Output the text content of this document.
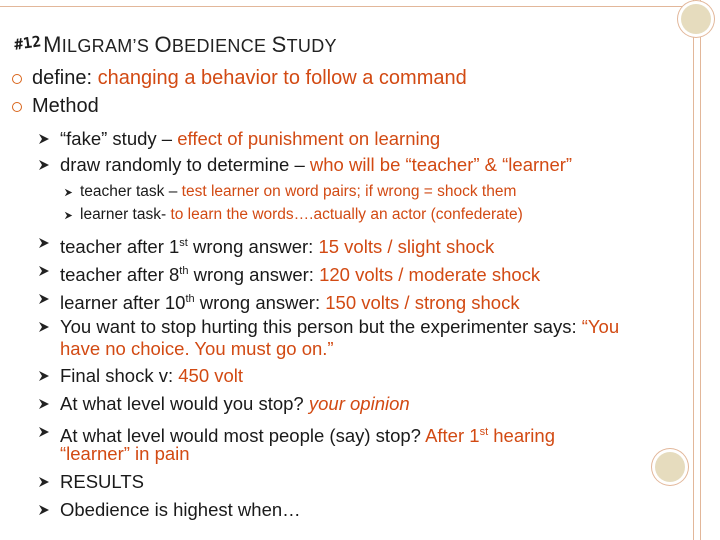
#12 MILGRAM’S OBEDIENCE STUDY
define: changing a behavior to follow a command
Method
“fake” study – effect of punishment on learning
draw randomly to determine – who will be “teacher” & “learner”
teacher task – test learner on word pairs; if wrong = shock them
learner task- to learn the words….actually an actor (confederate)
teacher after 1st wrong answer: 15 volts / slight shock
teacher after 8th wrong answer: 120 volts / moderate shock
learner after 10th wrong answer: 150 volts / strong shock
You want to stop hurting this person but the experimenter says: “You
have no choice. You must go on.”
Final shock v: 450 volt
At what level would you stop? your opinion
At what level would most people (say) stop? After 1st hearing
“learner” in pain
RESULTS
Obedience is highest when…
